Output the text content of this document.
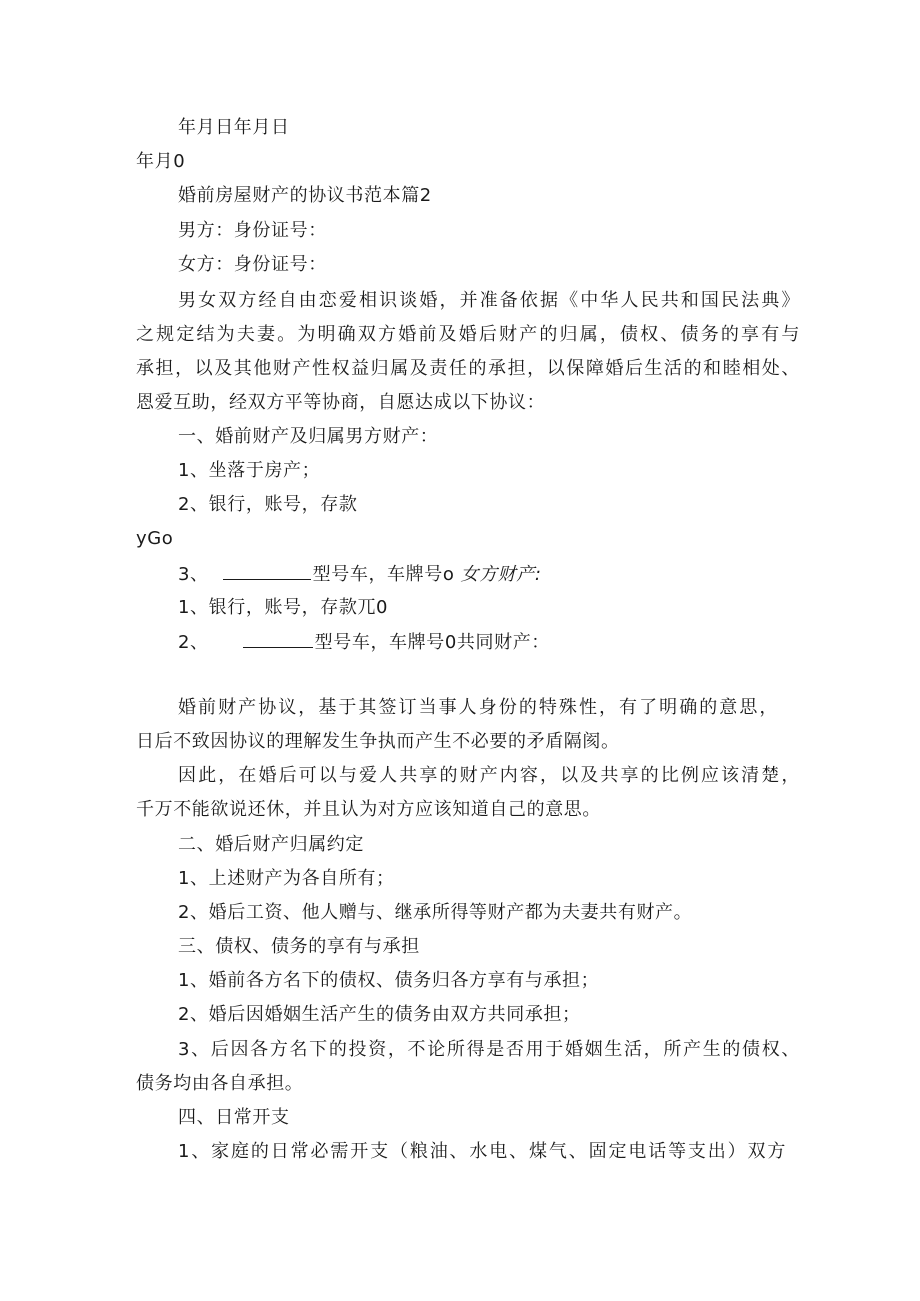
年月日年月日
年月0
婚前房屋财产的协议书范本篇2
男方：身份证号：
女方：身份证号：
男女双方经自由恋爱相识谈婚，并准备依据《中华人民共和国民法典》
之规定结为夫妻。为明确双方婚前及婚后财产的归属，债权、债务的享有与
承担，以及其他财产性权益归属及责任的承担，以保障婚后生活的和睦相处、
恩爱互助，经双方平等协商，自愿达成以下协议：
一、婚前财产及归属男方财产：
1、坐落于房产；
2、银行，账号，存款
yGo
3、	型号车，车牌号o 女方财产:
1、银行，账号，存款兀0
2、	型号车，车牌号0共同财产：
婚前财产协议，基于其签订当事人身份的特殊性，有了明确的意思，
日后不致因协议的理解发生争执而产生不必要的矛盾隔阂。
因此，在婚后可以与爱人共享的财产内容，以及共享的比例应该清楚，
千万不能欲说还休，并且认为对方应该知道自己的意思。
二、婚后财产归属约定
1、上述财产为各自所有；
2、婚后工资、他人赠与、继承所得等财产都为夫妻共有财产。
三、债权、债务的享有与承担
1、婚前各方名下的债权、债务归各方享有与承担；
2、婚后因婚姻生活产生的债务由双方共同承担；
3、后因各方名下的投资，不论所得是否用于婚姻生活，所产生的债权、
债务均由各自承担。
四、日常开支
1、家庭的日常必需开支（粮油、水电、煤气、固定电话等支出）双方
